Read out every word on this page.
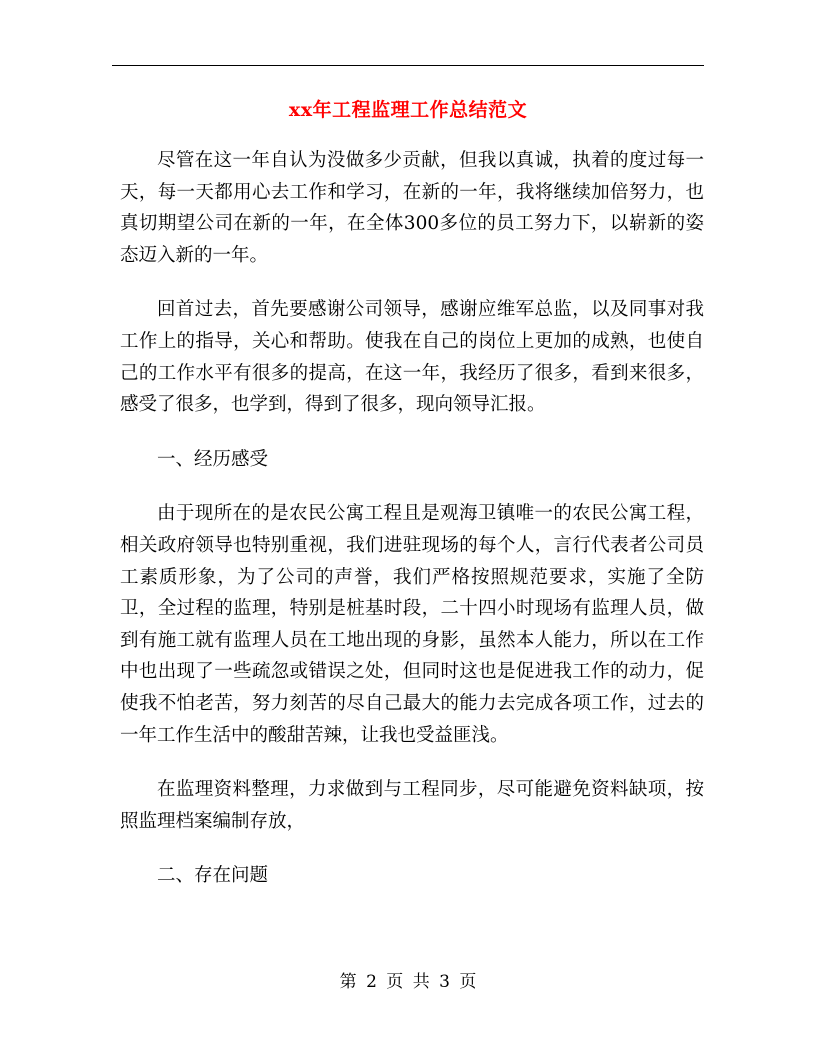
xx年工程监理工作总结范文

尽管在这一年自认为没做多少贡献，但我以真诚，执着的度过每一天，每一天都用心去工作和学习，在新的一年，我将继续加倍努力，也真切期望公司在新的一年，在全体300多位的员工努力下，以崭新的姿态迈入新的一年。

回首过去，首先要感谢公司领导，感谢应维军总监，以及同事对我工作上的指导，关心和帮助。使我在自己的岗位上更加的成熟，也使自己的工作水平有很多的提高，在这一年，我经历了很多，看到来很多，感受了很多，也学到，得到了很多，现向领导汇报。

一、经历感受

由于现所在的是农民公寓工程且是观海卫镇唯一的农民公寓工程，相关政府领导也特别重视，我们进驻现场的每个人，言行代表者公司员工素质形象，为了公司的声誉，我们严格按照规范要求，实施了全防卫，全过程的监理，特别是桩基时段，二十四小时现场有监理人员，做到有施工就有监理人员在工地出现的身影，虽然本人能力，所以在工作中也出现了一些疏忽或错误之处，但同时这也是促进我工作的动力，促使我不怕老苦，努力刻苦的尽自己最大的能力去完成各项工作，过去的一年工作生活中的酸甜苦辣，让我也受益匪浅。

在监理资料整理，力求做到与工程同步，尽可能避免资料缺项，按照监理档案编制存放，

二、存在问题

第 2 页 共 3 页
